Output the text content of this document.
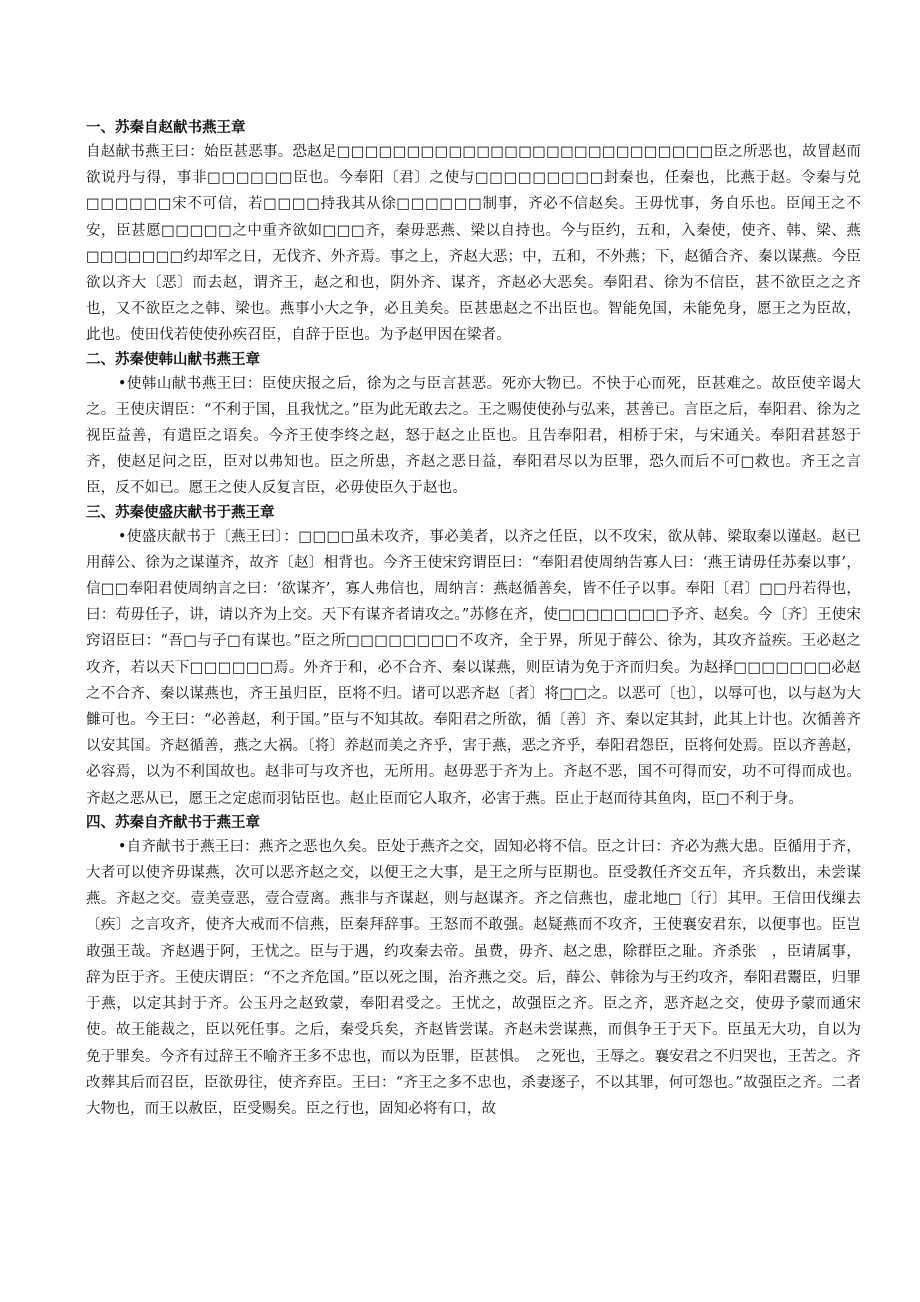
一、苏秦自赵献书燕王章

自赵献书燕王曰：始臣甚恶事。恐赵足□□□□□□□□□□□□□□□□□□□□□□□□□□□臣之所恶也，故冒赵而欲说丹与得，事非□□□□□□臣也。今奉阳〔君〕之使与□□□□□□□□□封秦也，任秦也，比燕于赵。令秦与兑□□□□□□宋不可信，若□□□□持我其从徐□□□□□□制事，齐必不信赵矣。王毋忧事，务自乐也。臣闻王之不安，臣甚愿□□□□□之中重齐欲如□□□齐，秦毋恶燕、梁以自持也。今与臣约，五和，入秦使，使齐、韩、梁、燕□□□□□□□约却军之日，无伐齐、外齐焉。事之上，齐赵大恶；中，五和，不外燕；下，赵循合齐、秦以谋燕。今臣欲以齐大〔恶〕而去赵，谓齐王，赵之和也，阴外齐、谋齐，齐赵必大恶矣。奉阳君、徐为不信臣，甚不欲臣之之齐也，又不欲臣之之韩、梁也。燕事小大之争，必且美矣。臣甚患赵之不出臣也。智能免国，未能免身，愿王之为臣故，此也。使田伐若使使孙疾召臣，自辞于臣也。为予赵甲因在梁者。

二、苏秦使韩山献书燕王章

•使韩山献书燕王曰：臣使庆报之后，徐为之与臣言甚恶。死亦大物已。不快于心而死，臣甚难之。故臣使辛谒大之。王使庆谓臣：“不利于国，且我忧之。”臣为此无敢去之。王之赐使使孙与弘来，甚善已。言臣之后，奉阳君、徐为之视臣益善，有遣臣之语矣。今齐王使李终之赵，怒于赵之止臣也。且告奉阳君，相桥于宋，与宋通关。奉阳君甚怒于齐，使赵足问之臣，臣对以弗知也。臣之所患，齐赵之恶日益，奉阳君尽以为臣罪，恐久而后不可□救也。齐王之言臣，反不如已。愿王之使人反复言臣，必毋使臣久于赵也。

三、苏秦使盛庆献书于燕王章

•使盛庆献书于〔燕王曰〕：□□□□虽未攻齐，事必美者，以齐之任臣，以不攻宋，欲从韩、梁取秦以谨赵。赵已用薛公、徐为之谋谨齐，故齐〔赵〕相背也。今齐王使宋窍谓臣曰：“奉阳君使周纳告寡人曰：‘燕王请毋任苏秦以事’，信□□奉阳君使周纳言之曰：‘欲谋齐’，寡人弗信也，周纳言：燕赵循善矣，皆不任子以事。奉阳〔君〕□□丹若得也，曰：苟毋任子，讲，请以齐为上交。天下有谋齐者请攻之。”苏修在齐，使□□□□□□□□予齐、赵矣。今〔齐〕王使宋窍诏臣曰：“吾□与子□有谋也。”臣之所□□□□□□□□不攻齐，全于界，所见于薛公、徐为，其攻齐益疾。王必赵之攻齐，若以天下□□□□□□焉。外齐于和，必不合齐、秦以谋燕，则臣请为免于齐而归矣。为赵择□□□□□□□必赵之不合齐、秦以谋燕也，齐王虽归臣，臣将不归。诸可以恶齐赵〔者〕将□□之。以恶可〔也〕，以辱可也，以与赵为大雠可也。今王曰：“必善赵，利于国。”臣与不知其故。奉阳君之所欲，循〔善〕齐、秦以定其封，此其上计也。次循善齐以安其国。齐赵循善，燕之大祸。〔将〕养赵而美之齐乎，害于燕，恶之齐乎，奉阳君怨臣，臣将何处焉。臣以齐善赵，必容焉，以为不利国故也。赵非可与攻齐也，无所用。赵毋恶于齐为上。齐赵不恶，国不可得而安，功不可得而成也。齐赵之恶从已，愿王之定虑而羽钻臣也。赵止臣而它人取齐，必害于燕。臣止于赵而待其鱼肉，臣□不利于身。

四、苏秦自齐献书于燕王章

•自齐献书于燕王曰：燕齐之恶也久矣。臣处于燕齐之交，固知必将不信。臣之计曰：齐必为燕大患。臣循用于齐，大者可以使齐毋谋燕，次可以恶齐赵之交，以便王之大事，是王之所与臣期也。臣受教任齐交五年，齐兵数出，未尝谋燕。齐赵之交。壹美壹恶，壹合壹离。燕非与齐谋赵，则与赵谋齐。齐之信燕也，虚北地□〔行〕其甲。王信田伐缫去〔疾〕之言攻齐，使齐大戒而不信燕，臣秦拜辞事。王怒而不敢强。赵疑燕而不攻齐，王使襄安君东，以便事也。臣岂敢强王哉。齐赵遇于阿，王忧之。臣与于遇，约攻秦去帝。虽费，毋齐、赵之患，除群臣之耻。齐杀张　，臣请属事，辞为臣于齐。王使庆谓臣：“不之齐危国。”臣以死之围，治齐燕之交。后，薛公、韩徐为与王约攻齐，奉阳君鬻臣，归罪于燕，以定其封于齐。公玉丹之赵致蒙，奉阳君受之。王忧之，故强臣之齐。臣之齐，恶齐赵之交，使毋予蒙而通宋使。故王能裁之，臣以死任事。之后，秦受兵矣，齐赵皆尝谋。齐赵未尝谋燕，而俱争王于天下。臣虽无大功，自以为免于罪矣。今齐有过辞王不喻齐王多不忠也，而以为臣罪，臣甚惧。　之死也，王辱之。襄安君之不归哭也，王苦之。齐改葬其后而召臣，臣欲毋往，使齐弃臣。王曰：“齐王之多不忠也，杀妻逐子，不以其罪，何可怨也。”故强臣之齐。二者大物也，而王以赦臣，臣受赐矣。臣之行也，固知必将有口，故
